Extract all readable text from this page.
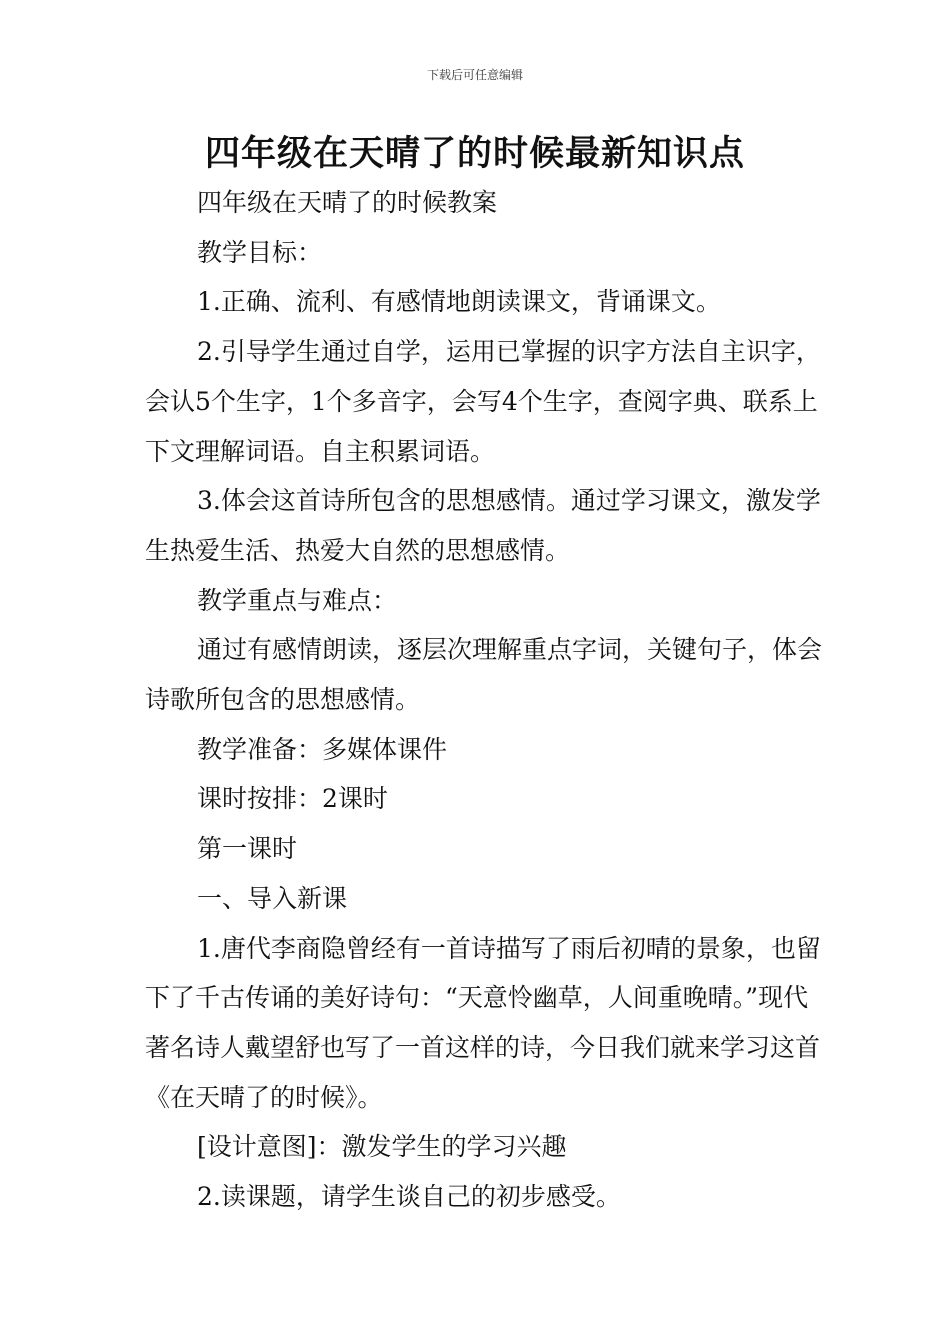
下载后可任意编辑
四年级在天晴了的时候最新知识点

四年级在天晴了的时候教案

教学目标：

1.正确、流利、有感情地朗读课文，背诵课文。

2.引导学生通过自学，运用已掌握的识字方法自主识字，会认5个生字，1个多音字，会写4个生字，查阅字典、联系上下文理解词语。自主积累词语。

3.体会这首诗所包含的思想感情。通过学习课文，激发学生热爱生活、热爱大自然的思想感情。

教学重点与难点：

通过有感情朗读，逐层次理解重点字词，关键句子，体会诗歌所包含的思想感情。

教学准备：多媒体课件

课时按排：2课时

第一课时

一、导入新课

1.唐代李商隐曾经有一首诗描写了雨后初晴的景象，也留下了千古传诵的美好诗句：“天意怜幽草，人间重晚晴。”现代著名诗人戴望舒也写了一首这样的诗，今日我们就来学习这首《在天晴了的时候》。

[设计意图]：激发学生的学习兴趣

2.读课题，请学生谈自己的初步感受。
